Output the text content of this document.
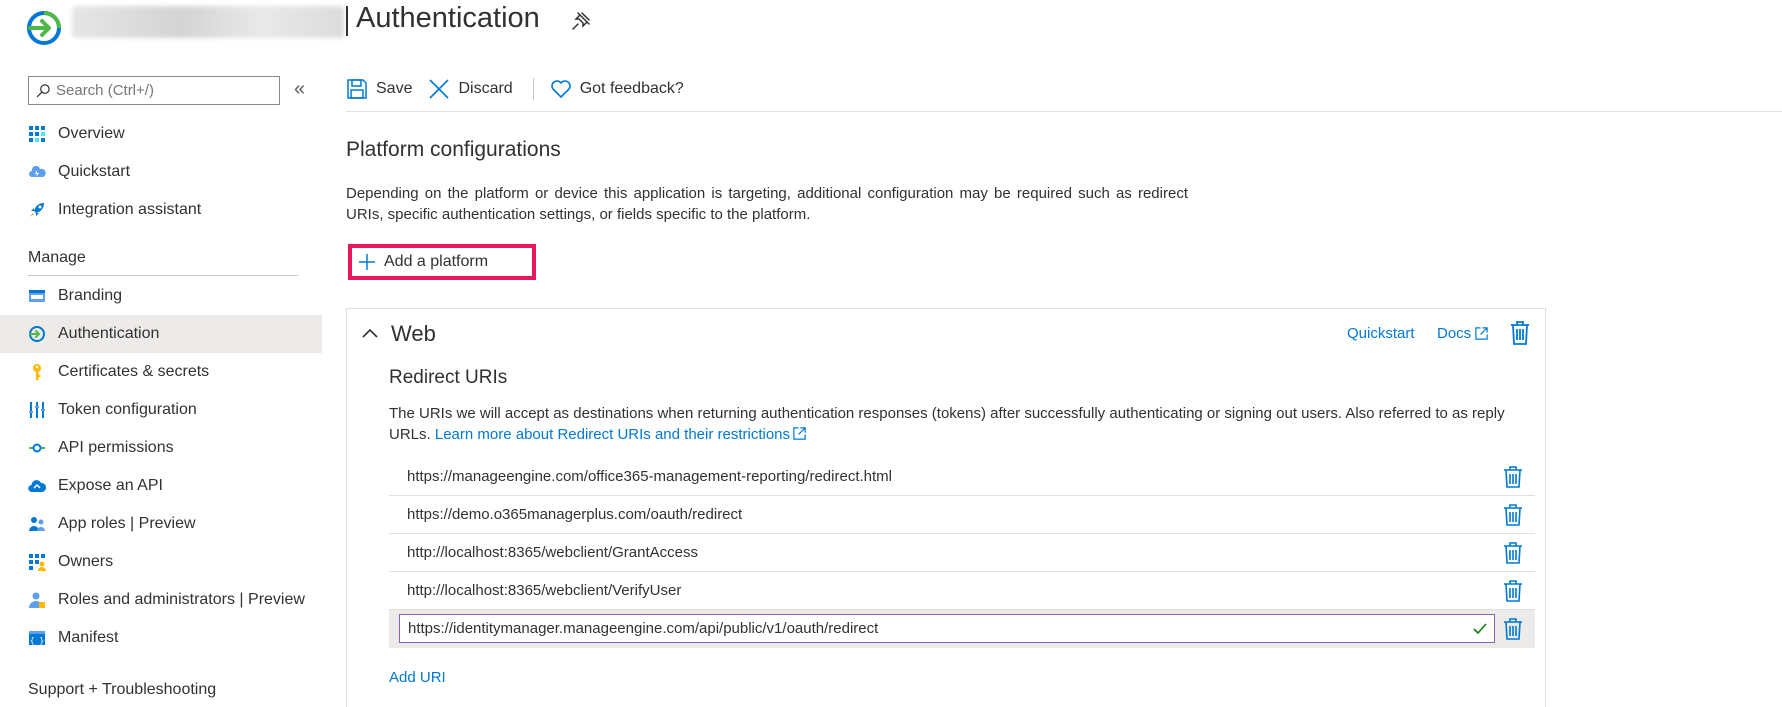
Authentication
Search (Ctrl+/)
«
Overview
Quickstart
Integration assistant
Manage
Branding
Authentication
Certificates & secrets
Token configuration
API permissions
Expose an API
App roles | Preview
Owners
Roles and administrators | Preview
{ } Manifest
Support + Troubleshooting
Save	Discard	Got feedback?
Platform configurations
Depending on the platform or device this application is targeting, additional configuration may be required such as redirect URIs, specific authentication settings, or fields specific to the platform.
Add a platform
Web	Quickstart Docs
Redirect URIs
The URIs we will accept as destinations when returning authentication responses (tokens) after successfully authenticating or signing out users. Also referred to as reply URLs. Learn more about Redirect URIs and their restrictions
https://manageengine.com/office365-management-reporting/redirect.html
https://demo.o365managerplus.com/oauth/redirect
http://localhost:8365/webclient/GrantAccess
http://localhost:8365/webclient/VerifyUser
https://identitymanager.manageengine.com/api/public/v1/oauth/redirect
Add URI
